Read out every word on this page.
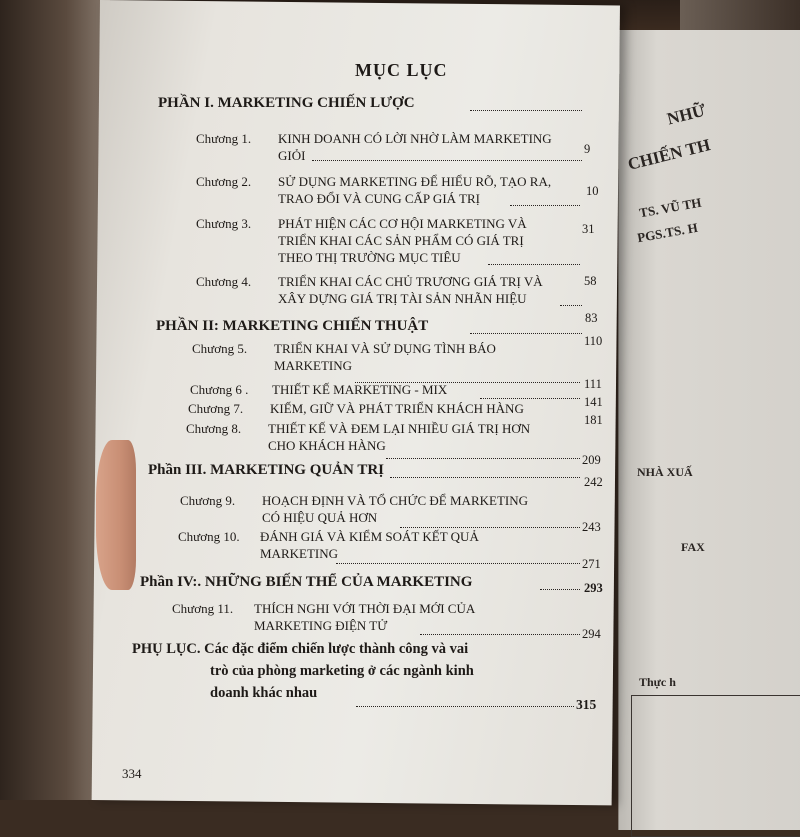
NHỮ
CHIẾN TH
TS. VŨ TH
PGS.TS. H
NHÀ XUẤ
FAX
Thực h
MỤC LỤC
PHẦN I. MARKETING CHIẾN LƯỢC
9
Chương 1. KINH DOANH CÓ LỜI NHỜ LÀM MARKETING
GIỎI
Chương 2. SỬ DỤNG MARKETING ĐỂ HIỂU RÕ, TẠO RA,
TRAO ĐỔI VÀ CUNG CẤP GIÁ TRỊ	10
31
Chương 3. PHÁT HIỆN CÁC CƠ HỘI MARKETING VÀ
TRIỂN KHAI CÁC SẢN PHẨM CÓ GIÁ TRỊ
THEO THỊ TRƯỜNG MỤC TIÊU
58
Chương 4. TRIỂN KHAI CÁC CHỦ TRƯƠNG GIÁ TRỊ VÀ
XÂY DỰNG GIÁ TRỊ TÀI SẢN NHÃN HIỆU
83
PHẦN II: MARKETING CHIẾN THUẬT
110
Chương 5. TRIỂN KHAI VÀ SỬ DỤNG TÌNH BÁO
MARKETING
111
Chương 6 . THIẾT KẾ MARKETING - MIX
141
Chương 7. KIẾM, GIỮ VÀ PHÁT TRIỂN KHÁCH HÀNG
181
Chương 8. THIẾT KẾ VÀ ĐEM LẠI NHIỀU GIÁ TRỊ HƠN
CHO KHÁCH HÀNG
209
Phần III. MARKETING QUẢN TRỊ
242
Chương 9. HOẠCH ĐỊNH VÀ TỔ CHỨC ĐỂ MARKETING
CÓ HIỆU QUẢ HƠN
243
Chương 10. ĐÁNH GIÁ VÀ KIỂM SOÁT KẾT QUẢ
MARKETING
271
Phần IV:. NHỮNG BIẾN THỂ CỦA MARKETING	293
Chương 11. THÍCH NGHI VỚI THỜI ĐẠI MỚI CỦA
MARKETING ĐIỆN TỬ
294
PHỤ LỤC. Các đặc điểm chiến lược thành công và vai
trò của phòng marketing ở các ngành kinh
doanh khác nhau
315
334
